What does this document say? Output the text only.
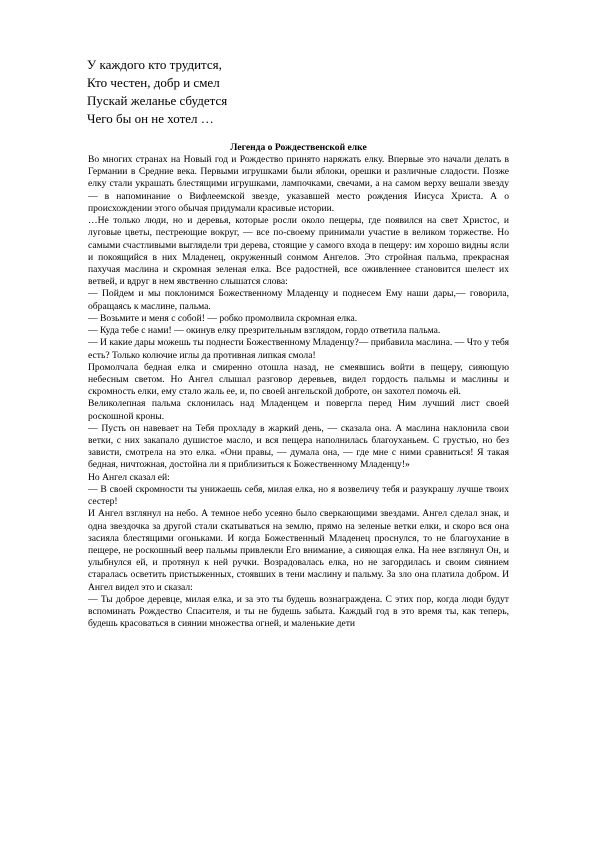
У каждого кто трудится,
Кто честен, добр и смел
Пускай желанье сбудется
Чего бы он не хотел …
Легенда о Рождественской елке

Во многих странах на Новый год и Рождество принято наряжать елку. Впервые это начали делать в Германии в Средние века. Первыми игрушками были яблоки, орешки и различные сладости. Позже елку стали украшать блестящими игрушками, лампочками, свечами, а на самом верху вешали звезду — в напоминание о Вифлеемской звезде, указавшей место рождения Иисуса Христа. А о происхождении этого обычая придумали красивые истории.

…Не только люди, но и деревья, которые росли около пещеры, где появился на свет Христос, и луговые цветы, пестреющие вокруг, — все по-своему принимали участие в великом торжестве. Но самыми счастливыми выглядели три дерева, стоящие у самого входа в пещеру: им хорошо видны ясли и покоящийся в них Младенец, окруженный сонмом Ангелов. Это стройная пальма, прекрасная пахучая маслина и скромная зеленая елка. Все радостней, все оживленнее становится шелест их ветвей, и вдруг в нем явственно слышатся слова:

— Пойдем и мы поклонимся Божественному Младенцу и поднесем Ему наши дары,— говорила, обращаясь к маслине, пальма.

— Возьмите и меня с собой! — робко промолвила скромная елка.

— Куда тебе с нами! — окинув елку презрительным взглядом, гордо ответила пальма.

— И какие дары можешь ты поднести Божественному Младенцу?— прибавила маслина. — Что у тебя есть? Только колючие иглы да противная липкая смола!

Промолчала бедная елка и смиренно отошла назад, не смеявшись войти в пещеру, сияющую небесным светом. Но Ангел слышал разговор деревьев, видел гордость пальмы и маслины и скромность елки, ему стало жаль ее, и, по своей ангельской доброте, он захотел помочь ей.

Великолепная пальма склонилась над Младенцем и повергла перед Ним лучший лист своей роскошной кроны.

— Пусть он навевает на Тебя прохладу в жаркий день, — сказала она. А маслина наклонила свои ветки, с них закапало душистое масло, и вся пещера наполнилась благоуханьем. С грустью, но без зависти, смотрела на это елка. «Они правы, — думала она, — где мне с ними сравниться! Я такая бедная, ничтожная, достойна ли я приблизиться к Божественному Младенцу!»

Но Ангел сказал ей:

— В своей скромности ты унижаешь себя, милая елка, но я возвеличу тебя и разукрашу лучше твоих сестер!

И Ангел взглянул на небо. А темное небо усеяно было сверкающими звездами. Ангел сделал знак, и одна звездочка за другой стали скатываться на землю, прямо на зеленые ветки елки, и скоро вся она засияла блестящими огоньками. И когда Божественный Младенец проснулся, то не благоухание в пещере, не роскошный веер пальмы привлекли Его внимание, а сияющая елка. На нее взглянул Он, и улыбнулся ей, и протянул к ней ручки. Возрадовалась елка, но не загордилась и своим сиянием старалась осветить пристыженных, стоявших в тени маслину и пальму. За зло она платила добром. И Ангел видел это и сказал:

— Ты доброе деревце, милая елка, и за это ты будешь вознаграждена. С этих пор, когда люди будут вспоминать Рождество Спасителя, и ты не будешь забыта. Каждый год в это время ты, как теперь, будешь красоваться в сиянии множества огней, и маленькие дети
